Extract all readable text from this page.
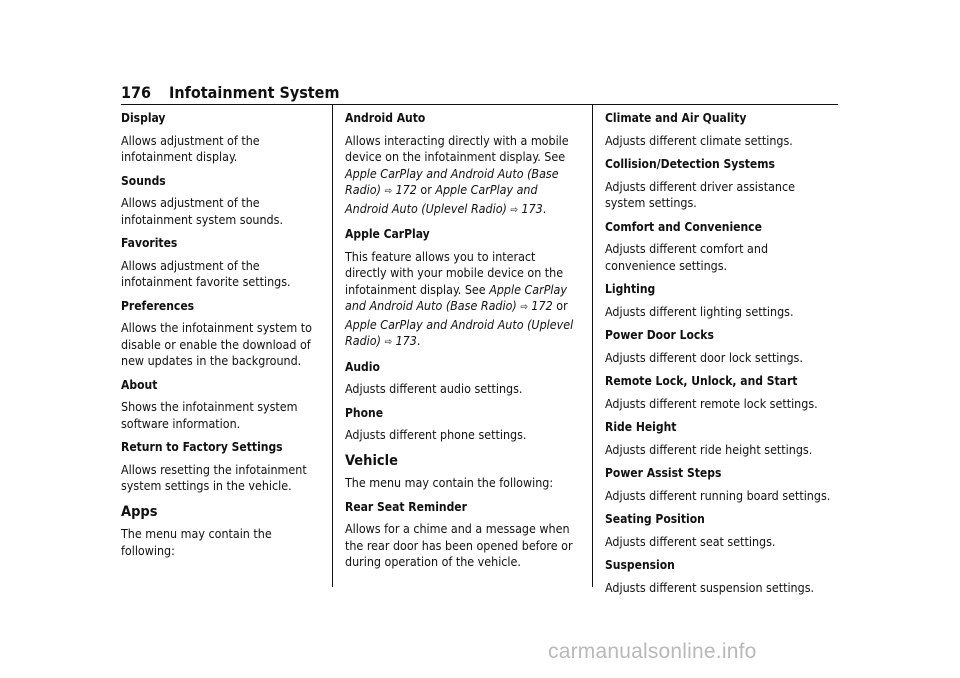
176 Infotainment System
Display
Allows adjustment of the infotainment display.
Sounds
Allows adjustment of the infotainment system sounds.
Favorites
Allows adjustment of the infotainment favorite settings.
Preferences
Allows the infotainment system to disable or enable the download of new updates in the background.
About
Shows the infotainment system software information.
Return to Factory Settings
Allows resetting the infotainment system settings in the vehicle.
Apps
The menu may contain the following:
Android Auto
Allows interacting directly with a mobile device on the infotainment display. See Apple CarPlay and Android Auto (Base Radio) ⇨ 172 or Apple CarPlay and Android Auto (Uplevel Radio) ⇨ 173.
Apple CarPlay
This feature allows you to interact directly with your mobile device on the infotainment display. See Apple CarPlay and Android Auto (Base Radio) ⇨ 172 or Apple CarPlay and Android Auto (Uplevel Radio) ⇨ 173.
Audio
Adjusts different audio settings.
Phone
Adjusts different phone settings.
Vehicle
The menu may contain the following:
Rear Seat Reminder
Allows for a chime and a message when the rear door has been opened before or during operation of the vehicle.
Climate and Air Quality
Adjusts different climate settings.
Collision/Detection Systems
Adjusts different driver assistance system settings.
Comfort and Convenience
Adjusts different comfort and convenience settings.
Lighting
Adjusts different lighting settings.
Power Door Locks
Adjusts different door lock settings.
Remote Lock, Unlock, and Start
Adjusts different remote lock settings.
Ride Height
Adjusts different ride height settings.
Power Assist Steps
Adjusts different running board settings.
Seating Position
Adjusts different seat settings.
Suspension
Adjusts different suspension settings.
carmanualsonline.info
